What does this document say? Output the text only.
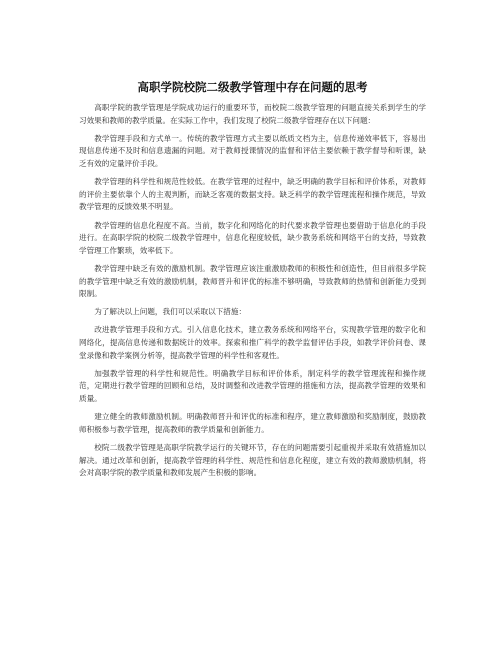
高职学院校院二级教学管理中存在问题的思考

高职学院的教学管理是学院成功运行的重要环节，而校院二级教学管理的问题直接关系到学生的学习效果和教师的教学质量。在实际工作中，我们发现了校院二级教学管理存在以下问题：

教学管理手段和方式单一。传统的教学管理方式主要以纸质文档为主，信息传递效率低下，容易出现信息传递不及时和信息遗漏的问题。对于教师授课情况的监督和评估主要依赖于教学督导和听课，缺乏有效的定量评价手段。

教学管理的科学性和规范性较低。在教学管理的过程中，缺乏明确的教学目标和评价体系，对教师的评价主要依靠个人的主观判断，而缺乏客观的数据支持。缺乏科学的教学管理流程和操作规范，导致教学管理的反馈效果不明显。

教学管理的信息化程度不高。当前，数字化和网络化的时代要求教学管理也要借助于信息化的手段进行。在高职学院的校院二级教学管理中，信息化程度较低，缺少教务系统和网络平台的支持，导致教学管理工作繁琐，效率低下。

教学管理中缺乏有效的激励机制。教学管理应该注重激励教师的积极性和创造性，但目前很多学院的教学管理中缺乏有效的激励机制，教师晋升和评优的标准不够明确，导致教师的热情和创新能力受到限制。

为了解决以上问题，我们可以采取以下措施：

改进教学管理手段和方式。引入信息化技术，建立教务系统和网络平台，实现教学管理的数字化和网络化，提高信息传递和数据统计的效率。探索和推广科学的教学监督评估手段，如教学评价问卷、课堂录像和教学案例分析等，提高教学管理的科学性和客观性。

加强教学管理的科学性和规范性。明确教学目标和评价体系，制定科学的教学管理流程和操作规范，定期进行教学管理的回顾和总结，及时调整和改进教学管理的措施和方法，提高教学管理的效果和质量。

建立健全的教师激励机制。明确教师晋升和评优的标准和程序，建立教师激励和奖励制度，鼓励教师积极参与教学管理，提高教师的教学质量和创新能力。

校院二级教学管理是高职学院教学运行的关键环节，存在的问题需要引起重视并采取有效措施加以解决。通过改革和创新，提高教学管理的科学性、规范性和信息化程度，建立有效的教师激励机制，将会对高职学院的教学质量和教师发展产生积极的影响。
